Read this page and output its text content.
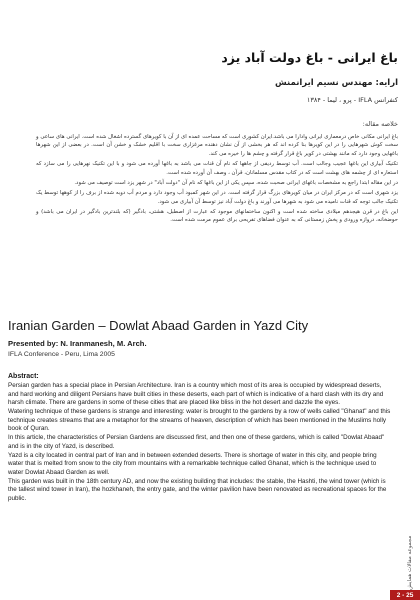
باغ ایرانی - باغ دولت آباد یزد
ارایه: مهندس نسیم ایرانمنش
کنفرانس IFLA - پرو ، لیما - ۱۳۸۴
خلاصه مقاله:

باغ ایرانی مکانی خاص درمعماری ایرانی وادارا می باشد.ایران کشوری است که مساحت عمده ای از آن با کویرهای گسترده اشغال شده است. ایرانی های ساعی و سخت کوش شهرهایی را در این کویرها بنا کرده اند که هر بخشی از آن نشان دهنده مرغزاری سخت با اقلیم خشک و خشن آن است. در بعضی از این شهرها باغهایی وجود دارد که مانند بهشتی در کویر باغ قرار گرفته و چشم ها را خیره می کند.

تکنیک آبیاری این باغها عجیب وجالب است. آب توسط ردیفی از جاهها که نام آن قنات می باشد به باغها آورده می شود و با این تکنیک نهرهایی را می سازد که استعاره ای از چشمه های بهشت است که در کتاب مقدس مسلمانان، قرآن ، وصف آن آورده شده است.

در این مقاله ابتدا راجع به مشخصات باغهای ایرانی صحبت شده، سپس یکی از این باغها که نام آن "دولت آباد" در شهر یزد است توصیف می شود.

یزد شهری است که در مرکز ایران در میان کویرهای بزرگ قرار گرفته است. در این شهر کمبود آب وجود دارد و مردم آب دوبه شده از برف را از کوهها توسط یک تکنیک جالب توجه که قنات نامیده می شود به شهرها می آورند و باغ دولت آباد نیز توسط آن آبیاری می شود.

این باغ در قرن هیجدهم میلادی ساخته شده است و اکنون ساختمانهای موجود که عبارت از اصطبل، هشتی، بادگیر (که بلندترین بادگیر در ایران می باشد) و حوضخانه، دروازه ورودی و پخش زمستانی که به عنوان فضاهای تفریحی برای عموم مرمت شده است.

Iranian Garden – Dowlat Abaad Garden in Yazd City
Presented by: N. Iranmanesh, M. Arch.
IFLA Conference - Peru, Lima 2005
Abstract:

Persian garden has a special place in Persian Architecture. Iran is a country which most of its area is occupied by widespread deserts, and hard working and diligent Persians have built cities in these deserts, each part of which is indicative of a hard clash with its dry and harsh climate. There are gardens in some of these cities that are placed like bliss in the hot desert and dazzle the eyes.

Watering technique of these gardens is strange and interesting: water is brought to the gardens by a row of wells called "Ghanat" and this technique creates streams that are a metaphor for the streams of heaven, description of which has been mentioned in the Muslims holly book of Quran.

In this article, the characteristics of Persian Gardens are discussed first, and then one of these gardens, which is called "Dowlat Abaad" and is in the city of Yazd, is described.

Yazd is a city located in central part of Iran and in between extended deserts. There is shortage of water in this city, and people bring water that is melted from snow to the city from mountains with a remarkable technique called Ghanat, which is the technique used to water Dowlat Abaad Garden as well.

This garden was built in the 18th century AD, and now the existing building that includes: the stable, the Hashti, the wind tower (which is the tallest wind tower in Iran), the hozkhaneh, the entry gate, and the winter pavilion have been renovated as recreational spaces for the public.

مجموعه مقالات همایش
2 - 25
